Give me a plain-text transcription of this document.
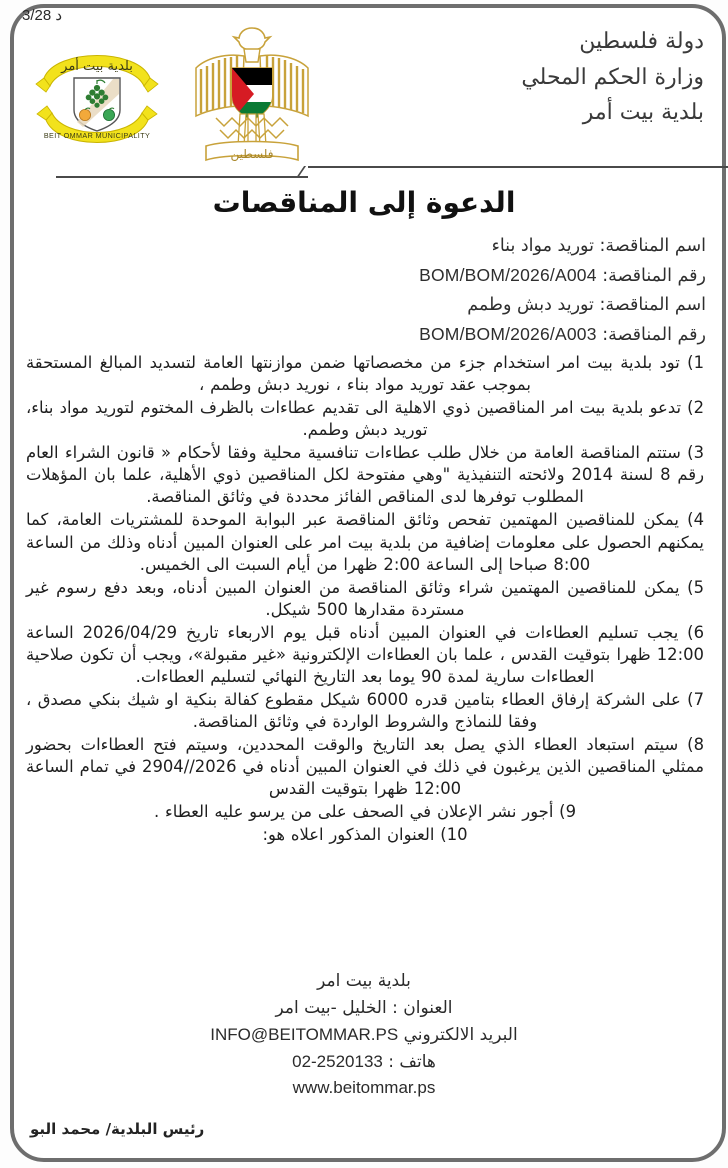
3/28 د
بلدية بيت أمر
BEIT OMMAR MUNICIPALITY
فلسطين
دولة فلسطين
وزارة الحكم المحلي
بلدية بيت أمر
الدعوة إلى المناقصات
اسم المناقصة: توريد مواد بناء
رقم المناقصة: BOM/BOM/2026/A004
اسم المناقصة: توريد دبش وطمم
رقم المناقصة: BOM/BOM/2026/A003
1) تود بلدية بيت امر استخدام جزء من مخصصاتها ضمن موازنتها العامة لتسديد المبالغ المستحقة بموجب عقد توريد مواد بناء ، نوريد دبش وطمم ،
2) تدعو بلدية بيت امر المناقصين ذوي الاهلية الى تقديم عطاءات بالظرف المختوم لتوريد مواد بناء، توريد دبش وطمم.
3) ستتم المناقصة العامة من خلال طلب عطاءات تنافسية محلية وفقا لأحكام « قانون الشراء العام رقم 8 لسنة 2014 ولائحته التنفيذية "وهي مفتوحة لكل المناقصين ذوي الأهلية، علما بان المؤهلات المطلوب توفرها لدى المناقص الفائز محددة في وثائق المناقصة.
4) يمكن للمناقصين المهتمين تفحص وثائق المناقصة عبر البوابة الموحدة للمشتريات العامة، كما يمكنهم الحصول على معلومات إضافية من بلدية بيت امر على العنوان المبين أدناه وذلك من الساعة 8:00 صباحا إلى الساعة 2:00 ظهرا من أيام السبت الى الخميس.
5) يمكن للمناقصين المهتمين شراء وثائق المناقصة من العنوان المبين أدناه، وبعد دفع رسوم غير مستردة مقدارها 500 شيكل.
6) يجب تسليم العطاءات في العنوان المبين أدناه قبل يوم الاربعاء تاريخ 2026/04/29 الساعة 12:00 ظهرا بتوقيت القدس ، علما بان العطاءات الإلكترونية «غير مقبولة»، ويجب أن تكون صلاحية العطاءات سارية لمدة 90 يوما بعد التاريخ النهائي لتسليم العطاءات.
7) على الشركة إرفاق العطاء بتامين قدره 6000 شيكل مقطوع كفالة بنكية او شيك بنكي مصدق ، وفقا للنماذج والشروط الواردة في وثائق المناقصة.
8) سيتم استبعاد العطاء الذي يصل بعد التاريخ والوقت المحددين، وسيتم فتح العطاءات بحضور ممثلي المناقصين الذين يرغبون في ذلك في العنوان المبين أدناه في 2026//2904 في تمام الساعة 12:00 ظهرا بتوقيت القدس
9) أجور نشر الإعلان في الصحف على من يرسو عليه العطاء .
10) العنوان المذكور اعلاه هو:
بلدية بيت امر
العنوان : الخليل -بيت امر
البريد الالكتروني INFO@BEITOMMAR.PS
هاتف : 02-2520133
www.beitommar.ps
رئيس البلدية/ محمد البو
